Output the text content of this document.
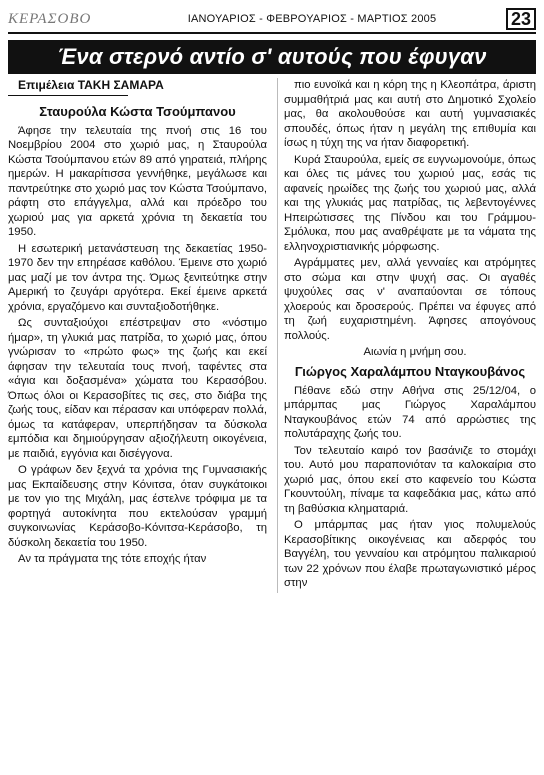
ΚΕΡΑΣΟΒΟ	ΙΑΝΟΥΑΡΙΟΣ - ΦΕΒΡΟΥΑΡΙΟΣ - ΜΑΡΤΙΟΣ 2005	23
Ένα στερνό αντίο σ' αυτούς που έφυγαν

Επιμέλεια ΤΑΚΗ ΣΑΜΑΡΑ

Σταυρούλα Κώστα Τσούμπανου

Άφησε την τελευταία της πνοή στις 16 του Νοεμβρίου 2004 στο χωριό μας, η Σταυρούλα Κώστα Τσούμπανου ετών 89 από γηρατειά, πλήρης ημερών. Η μακαρίτισσα γεννήθηκε, μεγάλωσε και παντρεύτηκε στο χωριό μας τον Κώστα Τσούμπανο, ράφτη στο επάγγελμα, αλλά και πρόεδρο του χωριού μας για αρκετά χρόνια τη δεκαετία του 1950.

Η εσωτερική μετανάστευση της δεκαετίας 1950-1970 δεν την επηρέασε καθόλου. Έμεινε στο χωριό μας μαζί με τον άντρα της. Όμως ξενιτεύτηκε στην Αμερική το ζευγάρι αργότερα. Εκεί έμεινε αρκετά χρόνια, εργαζόμενο και συνταξιοδοτήθηκε.

Ως συνταξιούχοι επέστρεψαν στο «νόστιμο ήμαρ», τη γλυκιά μας πατρίδα, το χωριό μας, όπου γνώρισαν το «πρώτο φως» της ζωής και εκεί άφησαν την τελευταία τους πνοή, ταφέντες στα «άγια και δοξασμένα» χώματα του Κερασόβου. Όπως όλοι οι Κερασοβίτες τις σες, στο διάβα της ζωής τους, είδαν και πέρασαν και υπόφεραν πολλά, όμως τα κατάφεραν, υπερπήδησαν τα δύσκολα εμπόδια και δημιούργησαν αξιοζήλευτη οικογένεια, με παιδιά, εγγόνια και δισέγγονα.

Ο γράφων δεν ξεχνά τα χρόνια της Γυμνασιακής μας Εκπαίδευσης στην Κόνιτσα, όταν συγκάτοικοι με τον γιο της Μιχάλη, μας έστελνε τρόφιμα με τα φορτηγά αυτοκίνητα που εκτελούσαν γραμμή συγκοινωνίας Κεράσοβο-Κόνιτσα-Κεράσοβο, τη δύσκολη δεκαετία του 1950.

Αν τα πράγματα της τότε εποχής ήταν

πιο ευνοϊκά και η κόρη της η Κλεοπάτρα, άριστη συμμαθήτριά μας και αυτή στο Δημοτικό Σχολείο μας, θα ακολουθούσε και αυτή γυμνασιακές σπουδές, όπως ήταν η μεγάλη της επιθυμία και ίσως η τύχη της να ήταν διαφορετική.

Κυρά Σταυρούλα, εμείς σε ευγνωμονούμε, όπως και όλες τις μάνες του χωριού μας, εσάς τις αφανείς ηρωίδες της ζωής του χωριού μας, αλλά και της γλυκιάς μας πατρίδας, τις λεβεντογέννες Ηπειρώτισσες της Πίνδου και του Γράμμου-Σμόλυκα, που μας αναθρέψατε με τα νάματα της ελληνοχριστιανικής μόρφωσης.

Αγράμματες μεν, αλλά γενναίες και ατρόμητες στο σώμα και στην ψυχή σας. Οι αγαθές ψυχούλες σας ν' αναπαύονται σε τόπους χλοερούς και δροσερούς. Πρέπει να έφυγες από τη ζωή ευχαριστημένη. Άφησες απογόνους πολλούς.

Αιωνία η μνήμη σου.

Γιώργος Χαραλάμπου Νταγκουβάνος

Πέθανε εδώ στην Αθήνα στις 25/12/04, ο μπάρμπας μας Γιώργος Χαραλάμπου Νταγκουβάνος ετών 74 από αρρώστιες της πολυτάραχης ζωής του.

Τον τελευταίο καιρό τον βασάνιζε το στομάχι του. Αυτό μου παραπονιόταν τα καλοκαίρια στο χωριό μας, όπου εκεί στο καφενείο του Κώστα Γκουντούλη, πίναμε τα καφεδάκια μας, κάτω από τη βαθύσκια κληματαριά.

Ο μπάρμπας μας ήταν γιος πολυμελούς Κερασοβίτικης οικογένειας και αδερφός του Βαγγέλη, του γενναίου και ατρόμητου παλικαριού των 22 χρόνων που έλαβε πρωταγωνιστικό μέρος στην
